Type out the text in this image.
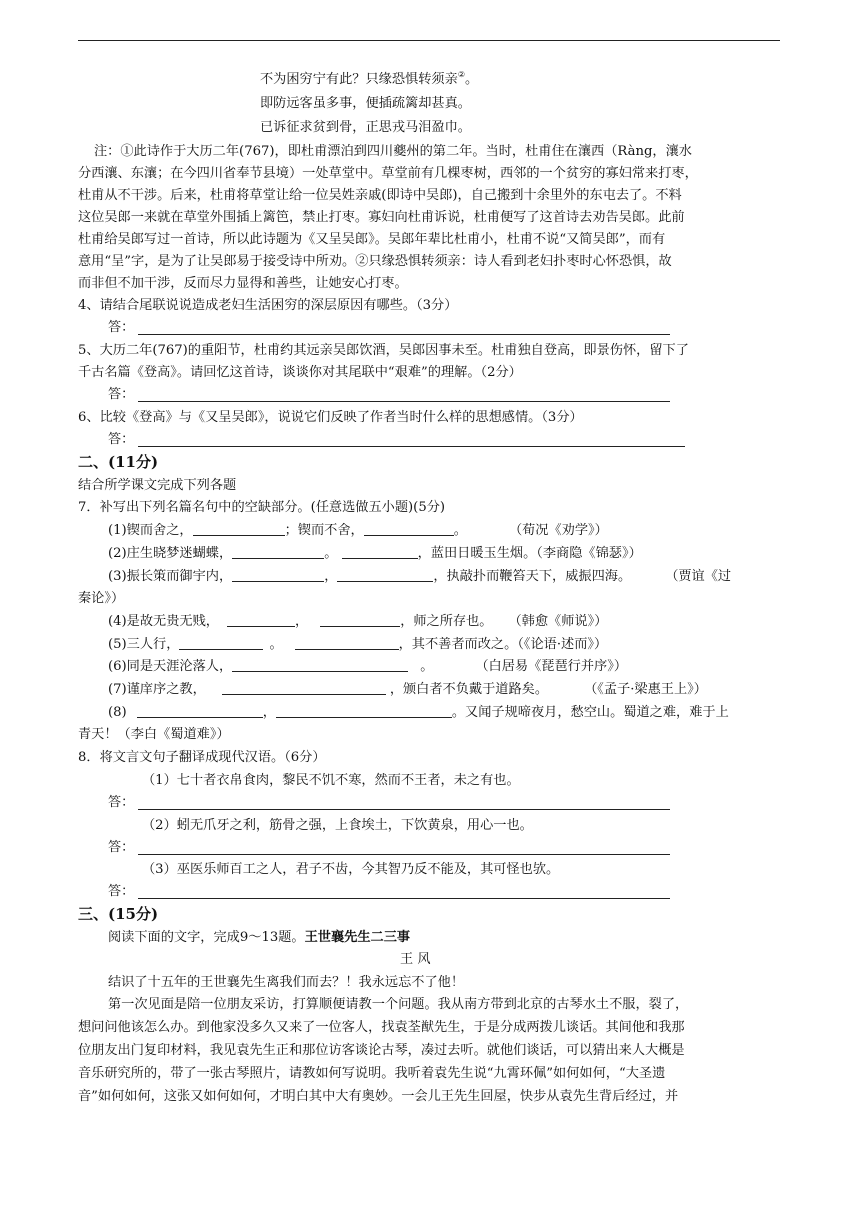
不为困穷宁有此？只缘恐惧转须亲②。
即防远客虽多事，便插疏篱却甚真。
已诉征求贫到骨，正思戎马泪盈巾。
注：①此诗作于大历二年(767)，即杜甫漂泊到四川夔州的第二年。当时，杜甫住在瀼西（Ràng，瀼水
分西瀼、东瀼；在今四川省奉节县境）一处草堂中。草堂前有几棵枣树，西邻的一个贫穷的寡妇常来打枣，
杜甫从不干涉。后来，杜甫将草堂让给一位吴姓亲戚(即诗中吴郎)，自己搬到十余里外的东屯去了。不料
这位吴郎一来就在草堂外围插上篱笆，禁止打枣。寡妇向杜甫诉说，杜甫便写了这首诗去劝告吴郎。此前
杜甫给吴郎写过一首诗，所以此诗题为《又呈吴郎》。吴郎年辈比杜甫小，杜甫不说“又简吴郎”，而有
意用“呈”字，是为了让吴郎易于接受诗中所劝。②只缘恐惧转须亲：诗人看到老妇扑枣时心怀恐惧，故
而非但不加干涉，反而尽力显得和善些，让她安心打枣。
4、请结合尾联说说造成老妇生活困穷的深层原因有哪些。（3分）
答：
5、大历二年(767)的重阳节，杜甫约其远亲吴郎饮酒，吴郎因事未至。杜甫独自登高，即景伤怀，留下了
千古名篇《登高》。请回忆这首诗，谈谈你对其尾联中“艰难”的理解。（2分）
答：
6、比较《登高》与《又呈吴郎》，说说它们反映了作者当时什么样的思想感情。（3分）
答：
二、(11分)
结合所学课文完成下列各题
7．补写出下列名篇名句中的空缺部分。(任意选做五小题)(5分)
(1)锲而舍之，	；锲而不舍，	。	（荀况《劝学》）
(2)庄生晓梦迷蝴蝶，	。	，蓝田日暖玉生烟。（李商隐《锦瑟》）
(3)振长策而御宇内，	，	，执敲扑而鞭笞天下，威振四海。	（贾谊《过
秦论》）
(4)是故无贵无贱，	，	，师之所存也。 （韩愈《师说》）
(5)三人行，	。	，其不善者而改之。（《论语·述而》）
(6)同是天涯沦落人，	。	（白居易《琵琶行并序》）
(7)谨庠序之教，	，颁白者不负戴于道路矣。	（《孟子·梁惠王上》）
(8)	，	。又闻子规啼夜月，愁空山。蜀道之难，难于上
青天！（李白《蜀道难》）
8．将文言文句子翻译成现代汉语。（6分）
（1）七十者衣帛食肉，黎民不饥不寒，然而不王者，未之有也。
答：
（2）蚓无爪牙之利，筋骨之强，上食埃土，下饮黄泉，用心一也。
答：
（3）巫医乐师百工之人，君子不齿，今其智乃反不能及，其可怪也欤。
答：
三、(15分)
阅读下面的文字，完成9～13题。王世襄先生二三事
王 风
结识了十五年的王世襄先生离我们而去？！我永远忘不了他！
第一次见面是陪一位朋友采访，打算顺便请教一个问题。我从南方带到北京的古琴水土不服，裂了，
想问问他该怎么办。到他家没多久又来了一位客人，找袁荃猷先生，于是分成两拨儿谈话。其间他和我那
位朋友出门复印材料，我见袁先生正和那位访客谈论古琴，凑过去听。就他们谈话，可以猜出来人大概是
音乐研究所的，带了一张古琴照片，请教如何写说明。我听着袁先生说“九霄环佩”如何如何，“大圣遗
音”如何如何，这张又如何如何，才明白其中大有奥妙。一会儿王先生回屋，快步从袁先生背后经过，并
